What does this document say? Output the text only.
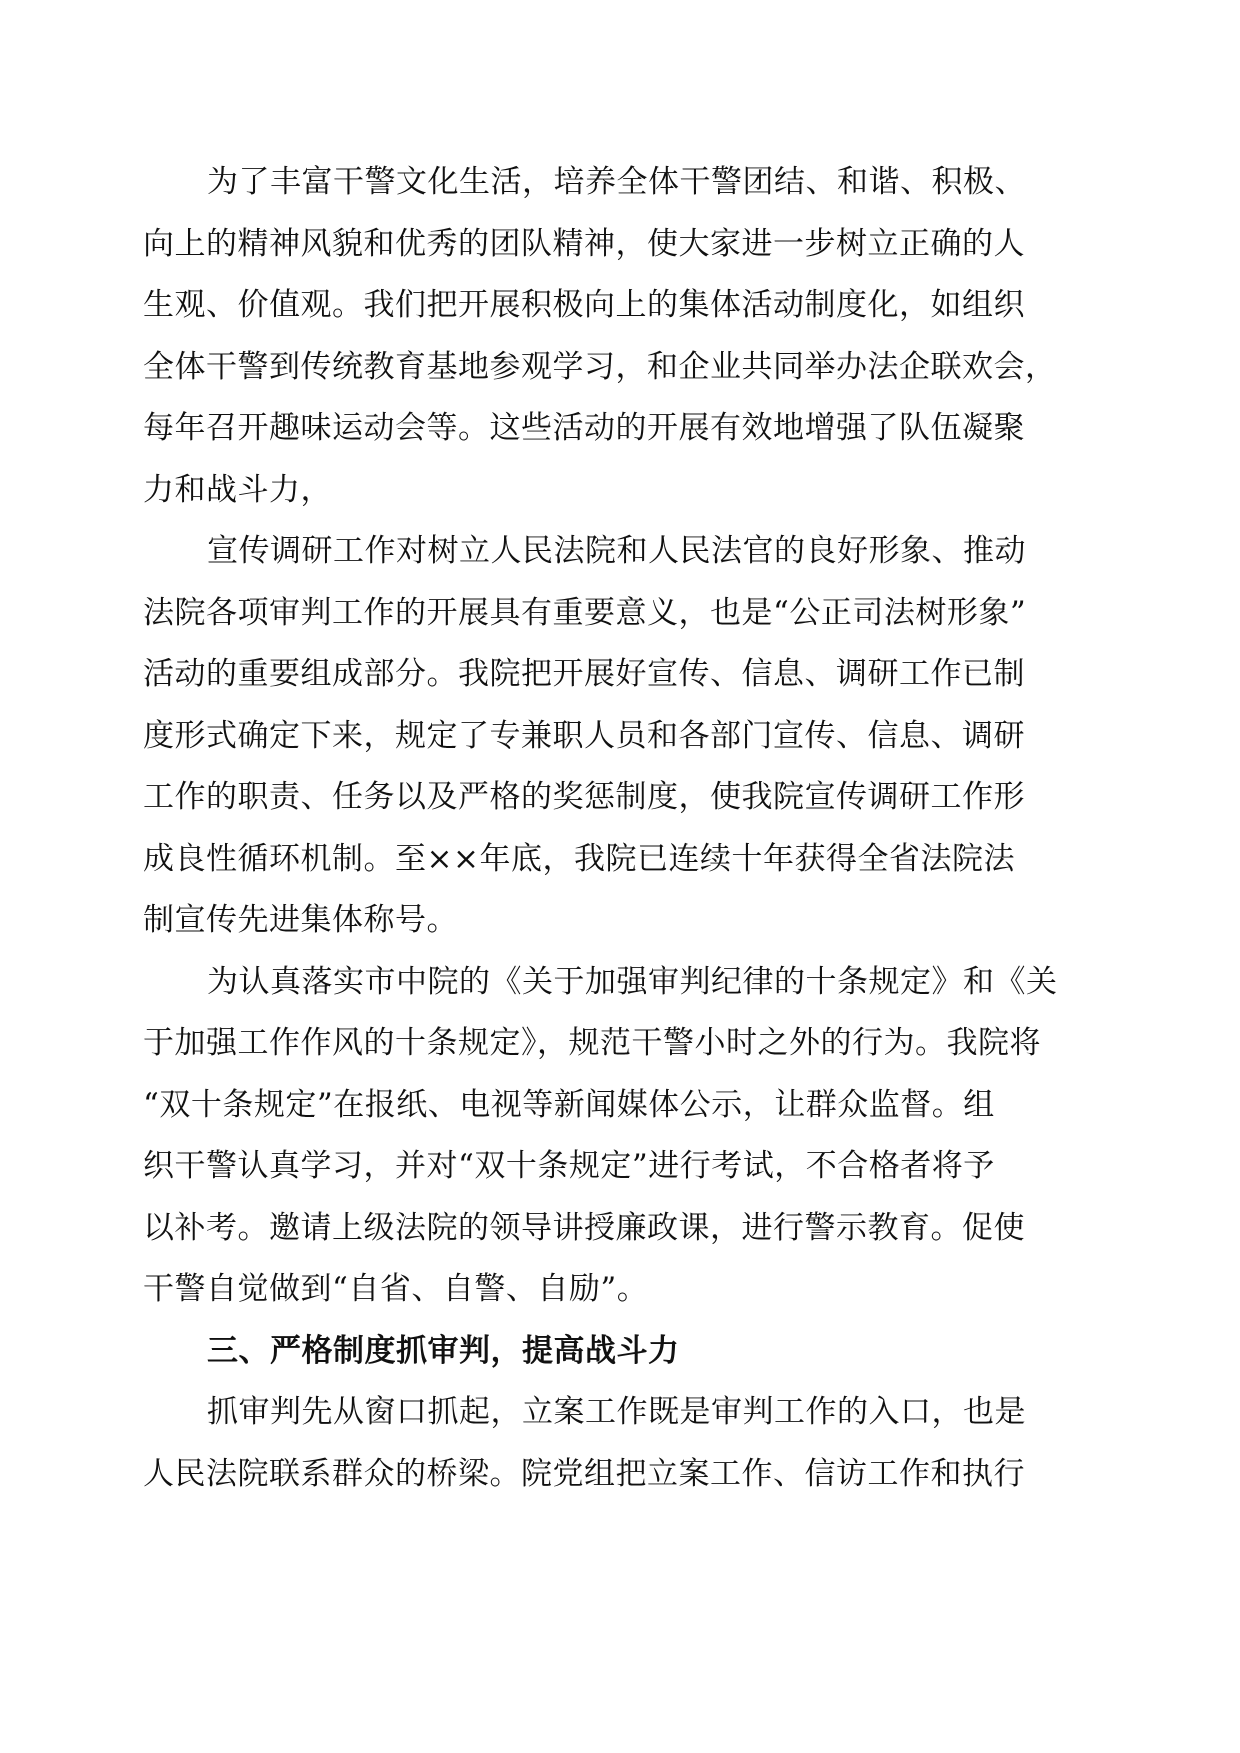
为了丰富干警文化生活，培养全体干警团结、和谐、积极、
向上的精神风貌和优秀的团队精神，使大家进一步树立正确的人
生观、价值观。我们把开展积极向上的集体活动制度化，如组织
全体干警到传统教育基地参观学习，和企业共同举办法企联欢会，
每年召开趣味运动会等。这些活动的开展有效地增强了队伍凝聚
力和战斗力，
宣传调研工作对树立人民法院和人民法官的良好形象、推动
法院各项审判工作的开展具有重要意义，也是“公正司法树形象”
活动的重要组成部分。我院把开展好宣传、信息、调研工作已制
度形式确定下来，规定了专兼职人员和各部门宣传、信息、调研
工作的职责、任务以及严格的奖惩制度，使我院宣传调研工作形
成良性循环机制。至××年底，我院已连续十年获得全省法院法
制宣传先进集体称号。
为认真落实市中院的《关于加强审判纪律的十条规定》和《关
于加强工作作风的十条规定》，规范干警小时之外的行为。我院将
“双十条规定”在报纸、电视等新闻媒体公示，让群众监督。组
织干警认真学习，并对“双十条规定”进行考试，不合格者将予
以补考。邀请上级法院的领导讲授廉政课，进行警示教育。促使
干警自觉做到“自省、自警、自励”。
三、严格制度抓审判，提高战斗力
抓审判先从窗口抓起，立案工作既是审判工作的入口，也是
人民法院联系群众的桥梁。院党组把立案工作、信访工作和执行
